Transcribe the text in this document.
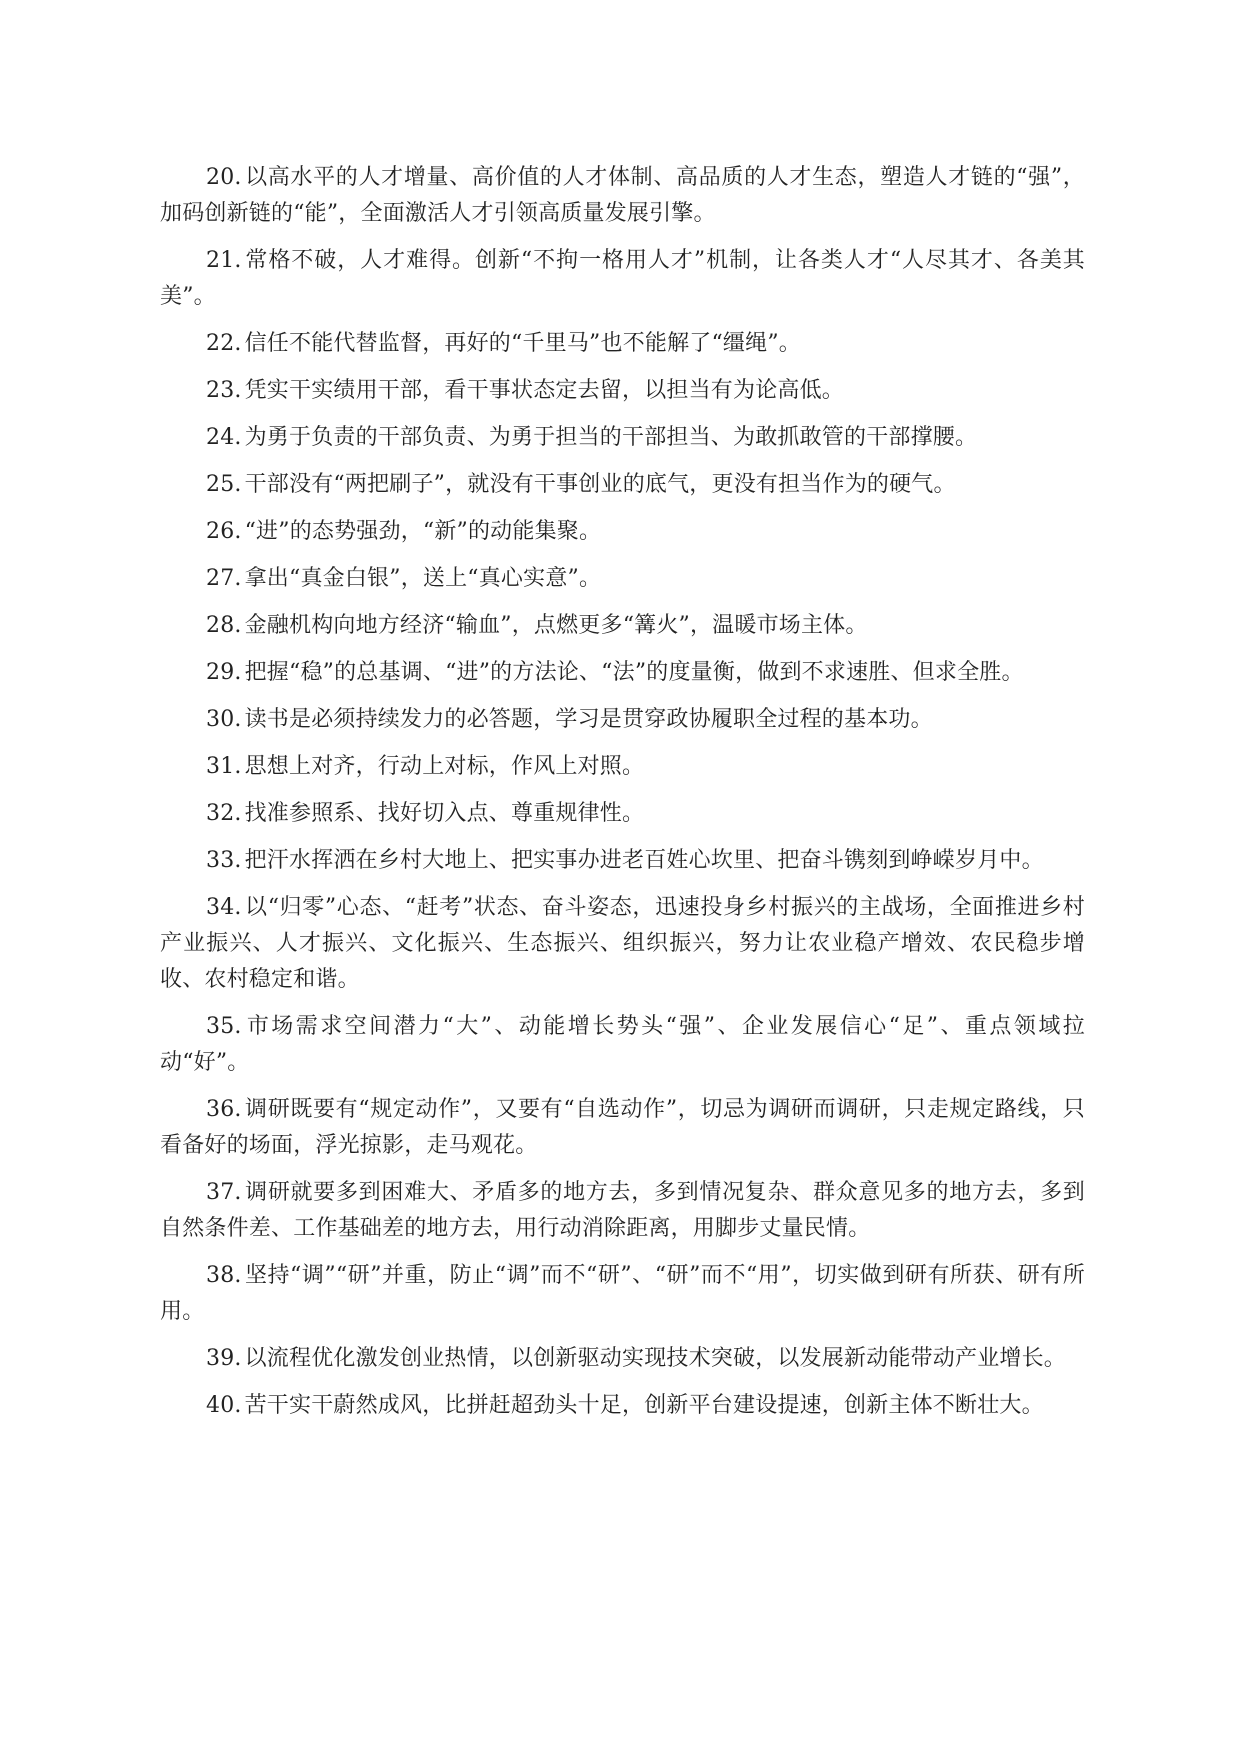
20. 以高水平的人才增量、高价值的人才体制、高品质的人才生态，塑造人才链的“强”，加码创新链的“能”，全面激活人才引领高质量发展引擎。

21. 常格不破，人才难得。创新“不拘一格用人才”机制，让各类人才“人尽其才、各美其美”。

22. 信任不能代替监督，再好的“千里马”也不能解了“缰绳”。

23. 凭实干实绩用干部，看干事状态定去留，以担当有为论高低。

24. 为勇于负责的干部负责、为勇于担当的干部担当、为敢抓敢管的干部撑腰。

25. 干部没有“两把刷子”，就没有干事创业的底气，更没有担当作为的硬气。

26. “进”的态势强劲，“新”的动能集聚。

27. 拿出“真金白银”，送上“真心实意”。

28. 金融机构向地方经济“输血”，点燃更多“篝火”，温暖市场主体。

29. 把握“稳”的总基调、“进”的方法论、“法”的度量衡，做到不求速胜、但求全胜。

30. 读书是必须持续发力的必答题，学习是贯穿政协履职全过程的基本功。

31. 思想上对齐，行动上对标，作风上对照。

32. 找准参照系、找好切入点、尊重规律性。

33. 把汗水挥洒在乡村大地上、把实事办进老百姓心坎里、把奋斗镌刻到峥嵘岁月中。

34. 以“归零”心态、“赶考”状态、奋斗姿态，迅速投身乡村振兴的主战场，全面推进乡村产业振兴、人才振兴、文化振兴、生态振兴、组织振兴，努力让农业稳产增效、农民稳步增收、农村稳定和谐。

35. 市场需求空间潜力“大”、动能增长势头“强”、企业发展信心“足”、重点领域拉动“好”。

36. 调研既要有“规定动作”，又要有“自选动作”，切忌为调研而调研，只走规定路线，只看备好的场面，浮光掠影，走马观花。

37. 调研就要多到困难大、矛盾多的地方去，多到情况复杂、群众意见多的地方去，多到自然条件差、工作基础差的地方去，用行动消除距离，用脚步丈量民情。

38. 坚持“调”“研”并重，防止“调”而不“研”、“研”而不“用”，切实做到研有所获、研有所用。

39. 以流程优化激发创业热情，以创新驱动实现技术突破，以发展新动能带动产业增长。

40. 苦干实干蔚然成风，比拼赶超劲头十足，创新平台建设提速，创新主体不断壮大。
